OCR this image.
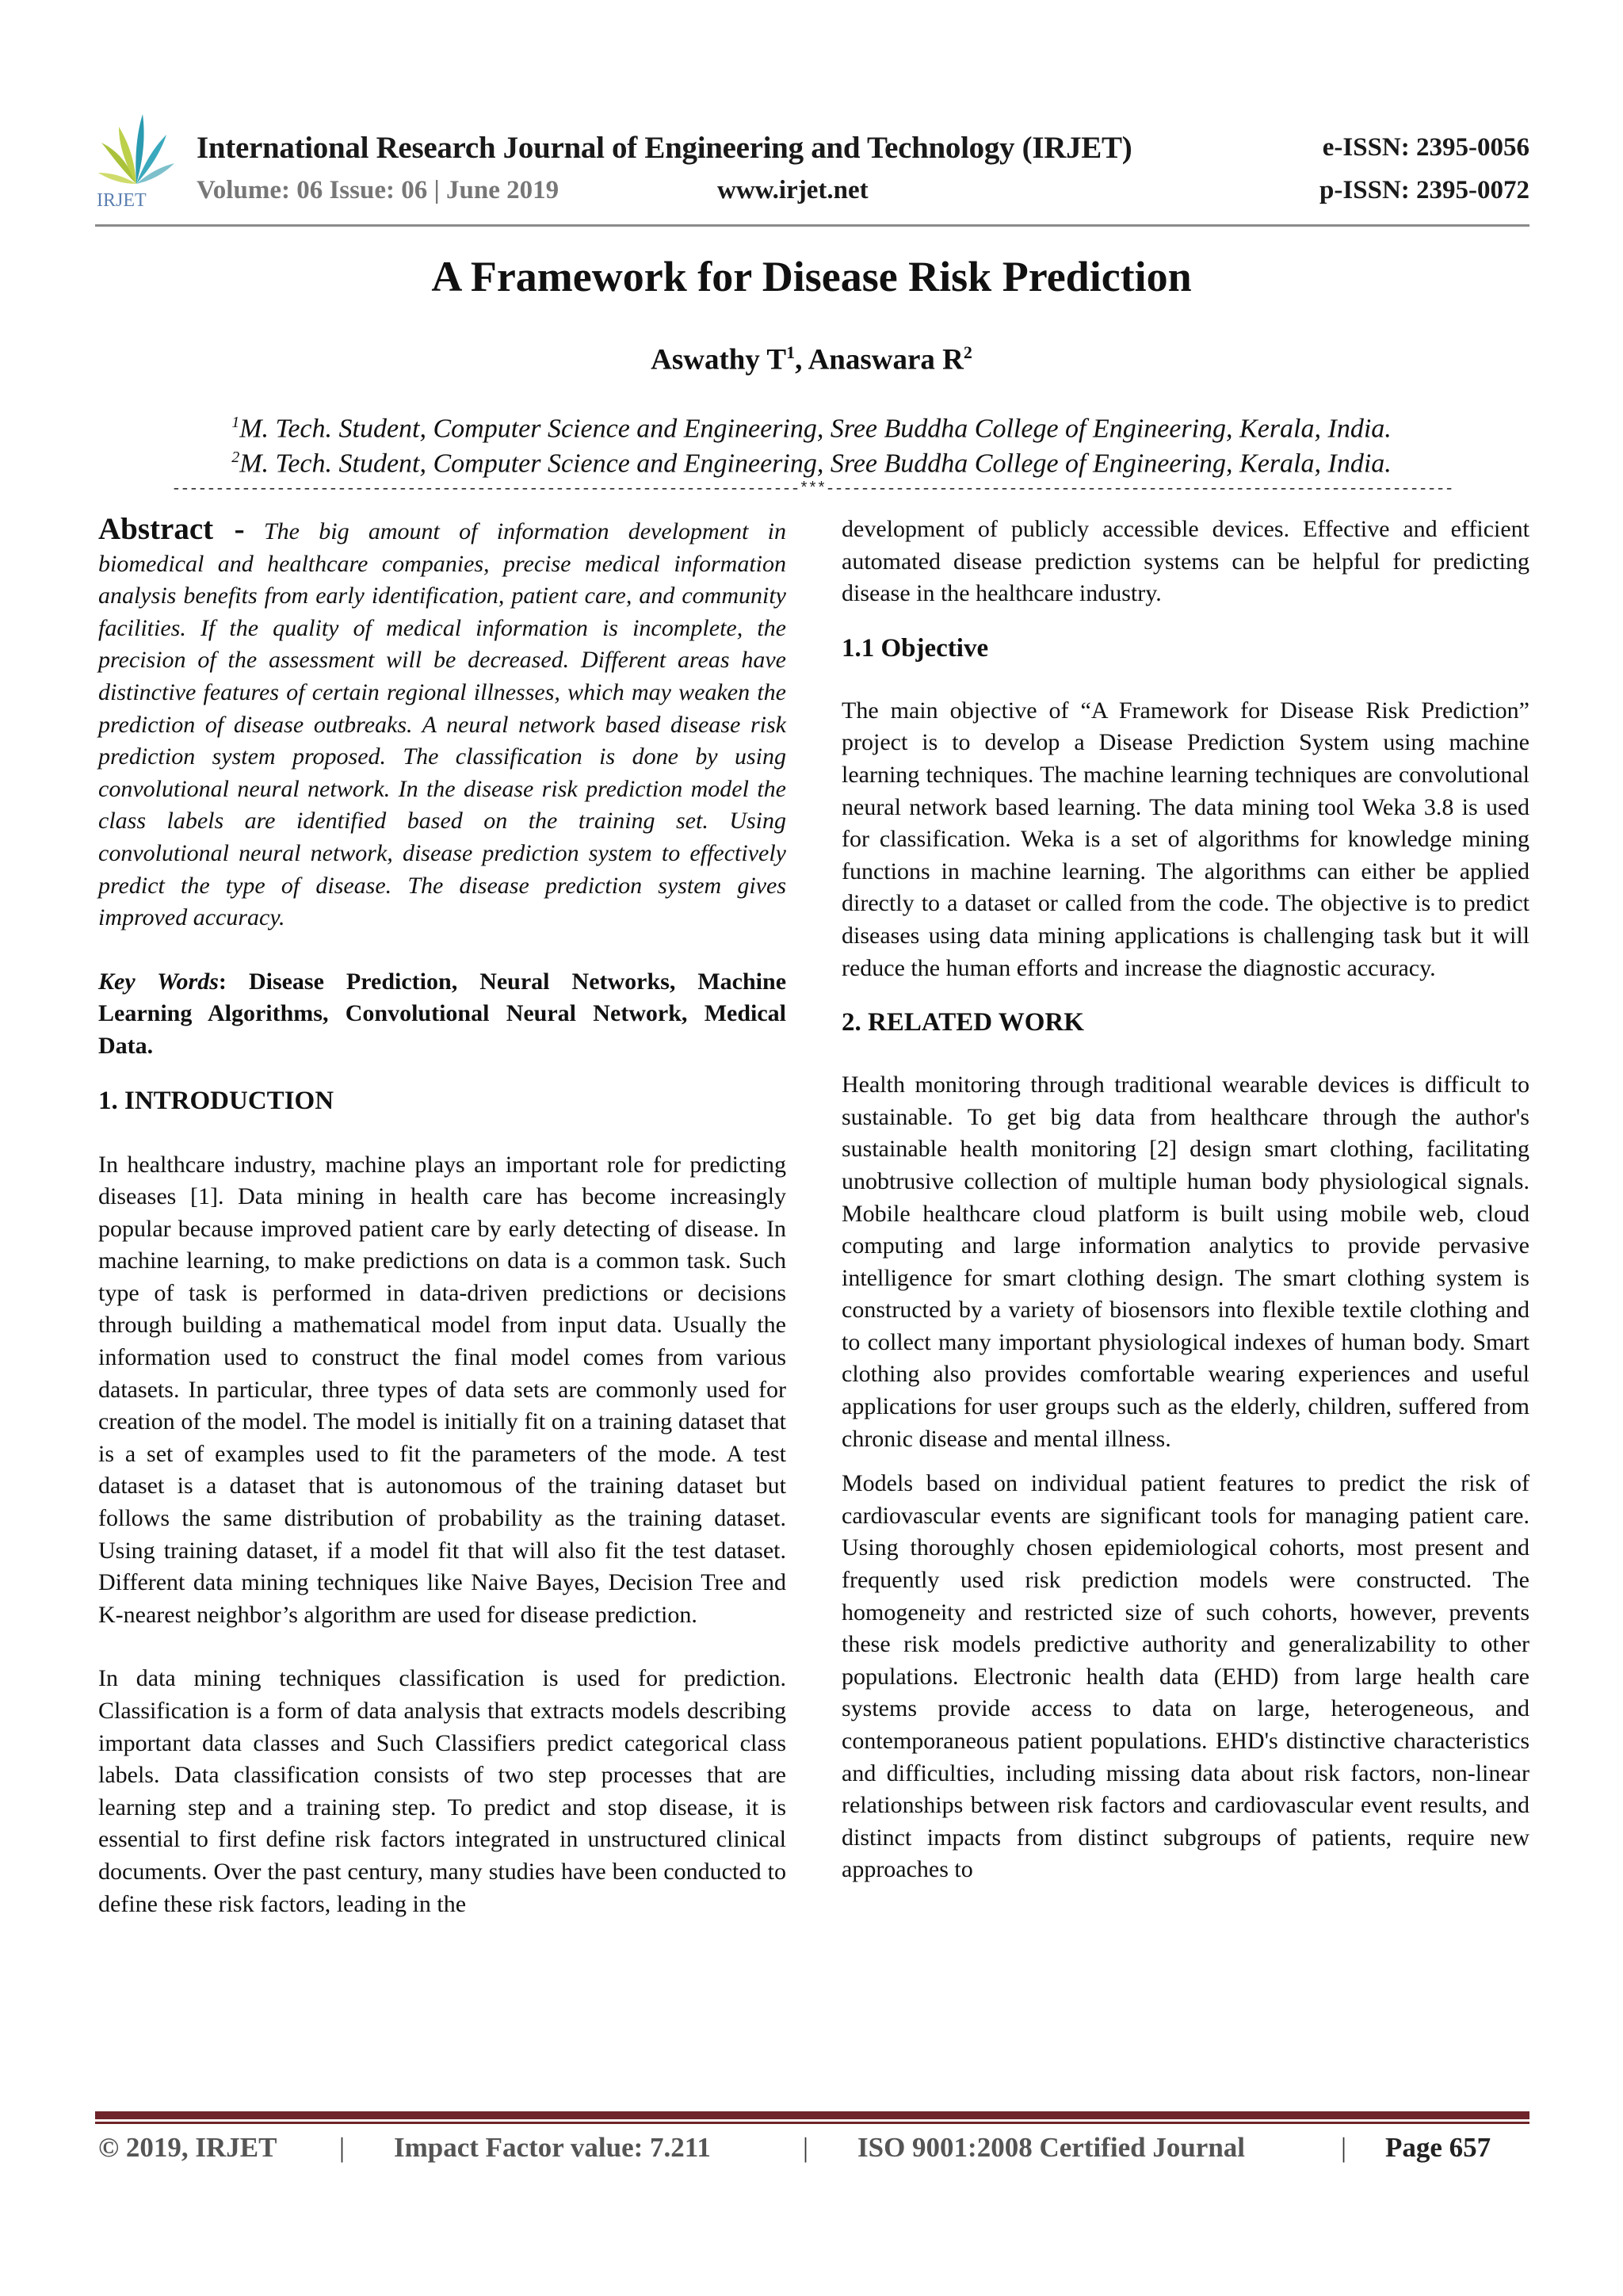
IRJET
International Research Journal of Engineering and Technology (IRJET)
Volume: 06 Issue: 06 | June 2019	www.irjet.net
e-ISSN: 2395-0056
p-ISSN: 2395-0072
A Framework for Disease Risk Prediction
Aswathy $T^1$, Anaswara $R^2$
$^1$M. Tech. Student, Computer Science and Engineering, Sree Buddha College of Engineering, Kerala, India.
$^2$M. Tech. Student, Computer Science and Engineering, Sree Buddha College of Engineering, Kerala, India.
------------------------------------------------------------------------***------------------------------------------------------------------------

Abstract - The big amount of information development in biomedical and healthcare companies, precise medical information analysis benefits from early identification, patient care, and community facilities. If the quality of medical information is incomplete, the precision of the assessment will be decreased. Different areas have distinctive features of certain regional illnesses, which may weaken the prediction of disease outbreaks. A neural network based disease risk prediction system proposed. The classification is done by using convolutional neural network. In the disease risk prediction model the class labels are identified based on the training set. Using convolutional neural network, disease prediction system to effectively predict the type of disease. The disease prediction system gives improved accuracy.

Key Words: Disease Prediction, Neural Networks, Machine Learning Algorithms, Convolutional Neural Network, Medical Data.

1. INTRODUCTION

In healthcare industry, machine plays an important role for predicting diseases [1]. Data mining in health care has become increasingly popular because improved patient care by early detecting of disease. In machine learning, to make predictions on data is a common task. Such type of task is performed in data-driven predictions or decisions through building a mathematical model from input data. Usually the information used to construct the final model comes from various datasets. In particular, three types of data sets are commonly used for creation of the model. The model is initially fit on a training dataset that is a set of examples used to fit the parameters of the mode. A test dataset is a dataset that is autonomous of the training dataset but follows the same distribution of probability as the training dataset. Using training dataset, if a model fit that will also fit the test dataset. Different data mining techniques like Naive Bayes, Decision Tree and K-nearest neighbor’s algorithm are used for disease prediction.

In data mining techniques classification is used for prediction. Classification is a form of data analysis that extracts models describing important data classes and Such Classifiers predict categorical class labels. Data classification consists of two step processes that are learning step and a training step. To predict and stop disease, it is essential to first define risk factors integrated in unstructured clinical documents. Over the past century, many studies have been conducted to define these risk factors, leading in the

development of publicly accessible devices. Effective and efficient automated disease prediction systems can be helpful for predicting disease in the healthcare industry.

1.1 Objective

The main objective of “A Framework for Disease Risk Prediction” project is to develop a Disease Prediction System using machine learning techniques. The machine learning techniques are convolutional neural network based learning. The data mining tool Weka 3.8 is used for classification. Weka is a set of algorithms for knowledge mining functions in machine learning. The algorithms can either be applied directly to a dataset or called from the code. The objective is to predict diseases using data mining applications is challenging task but it will reduce the human efforts and increase the diagnostic accuracy.

2. RELATED WORK

Health monitoring through traditional wearable devices is difficult to sustainable. To get big data from healthcare through the author's sustainable health monitoring [2] design smart clothing, facilitating unobtrusive collection of multiple human body physiological signals. Mobile healthcare cloud platform is built using mobile web, cloud computing and large information analytics to provide pervasive intelligence for smart clothing design. The smart clothing system is constructed by a variety of biosensors into flexible textile clothing and to collect many important physiological indexes of human body. Smart clothing also provides comfortable wearing experiences and useful applications for user groups such as the elderly, children, suffered from chronic disease and mental illness.

Models based on individual patient features to predict the risk of cardiovascular events are significant tools for managing patient care. Using thoroughly chosen epidemiological cohorts, most present and frequently used risk prediction models were constructed. The homogeneity and restricted size of such cohorts, however, prevents these risk models predictive authority and generalizability to other populations. Electronic health data (EHD) from large health care systems provide access to data on large, heterogeneous, and contemporaneous patient populations. EHD's distinctive characteristics and difficulties, including missing data about risk factors, non-linear relationships between risk factors and cardiovascular event results, and distinct impacts from distinct subgroups of patients, require new approaches to

© 2019, IRJET | Impact Factor value: 7.211	| ISO 9001:2008 Certified Journal	| Page 657
